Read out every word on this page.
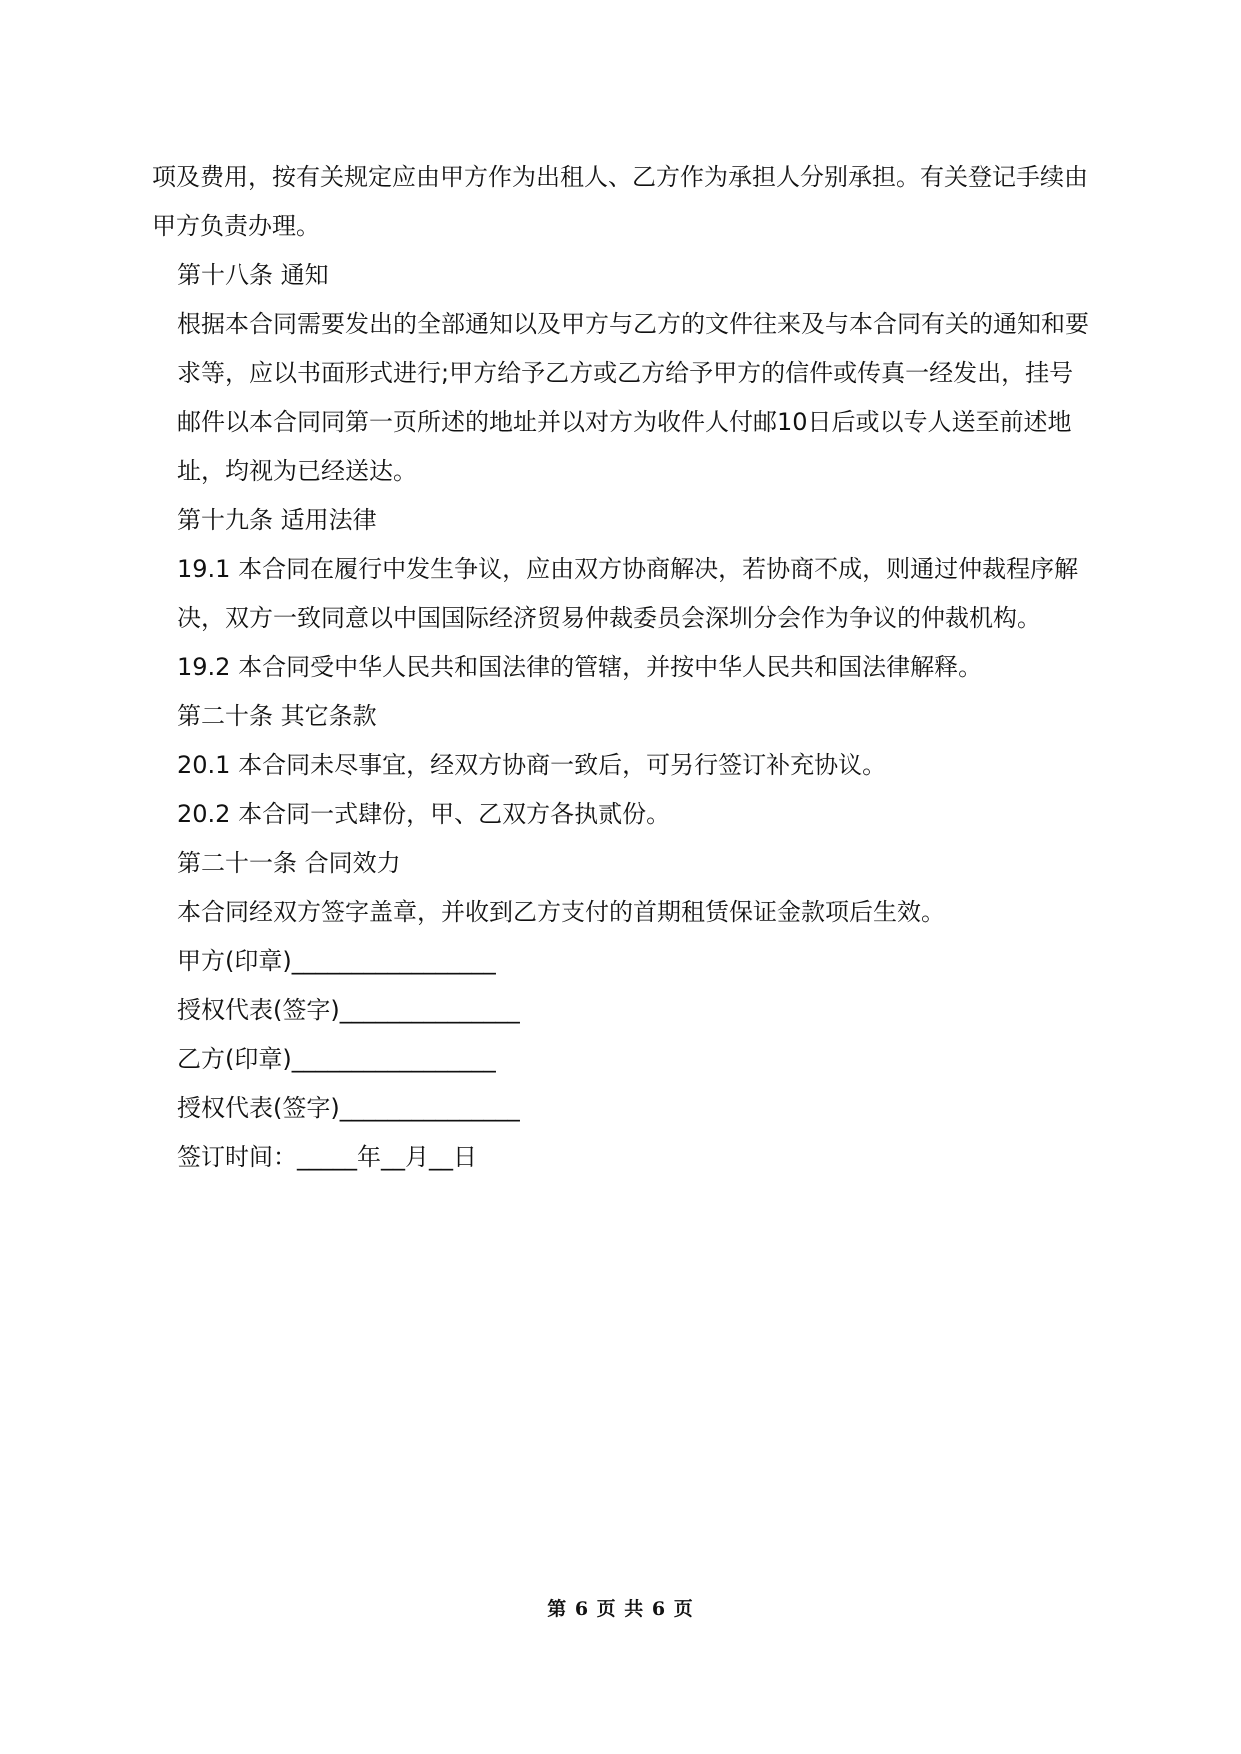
项及费用，按有关规定应由甲方作为出租人、乙方作为承担人分别承担。有关登记手续由甲方负责办理。

第十八条 通知

根据本合同需要发出的全部通知以及甲方与乙方的文件往来及与本合同有关的通知和要求等，应以书面形式进行;甲方给予乙方或乙方给予甲方的信件或传真一经发出，挂号邮件以本合同同第一页所述的地址并以对方为收件人付邮10日后或以专人送至前述地址，均视为已经送达。

第十九条 适用法律

19.1 本合同在履行中发生争议，应由双方协商解决，若协商不成，则通过仲裁程序解决，双方一致同意以中国国际经济贸易仲裁委员会深圳分会作为争议的仲裁机构。

19.2 本合同受中华人民共和国法律的管辖，并按中华人民共和国法律解释。

第二十条 其它条款

20.1 本合同未尽事宜，经双方协商一致后，可另行签订补充协议。

20.2 本合同一式肆份，甲、乙双方各执贰份。

第二十一条 合同效力

本合同经双方签字盖章，并收到乙方支付的首期租赁保证金款项后生效。

甲方(印章)_________________

授权代表(签字)_______________

乙方(印章)_________________

授权代表(签字)_______________

签订时间：_____年__月__日

第 6 页 共 6 页
